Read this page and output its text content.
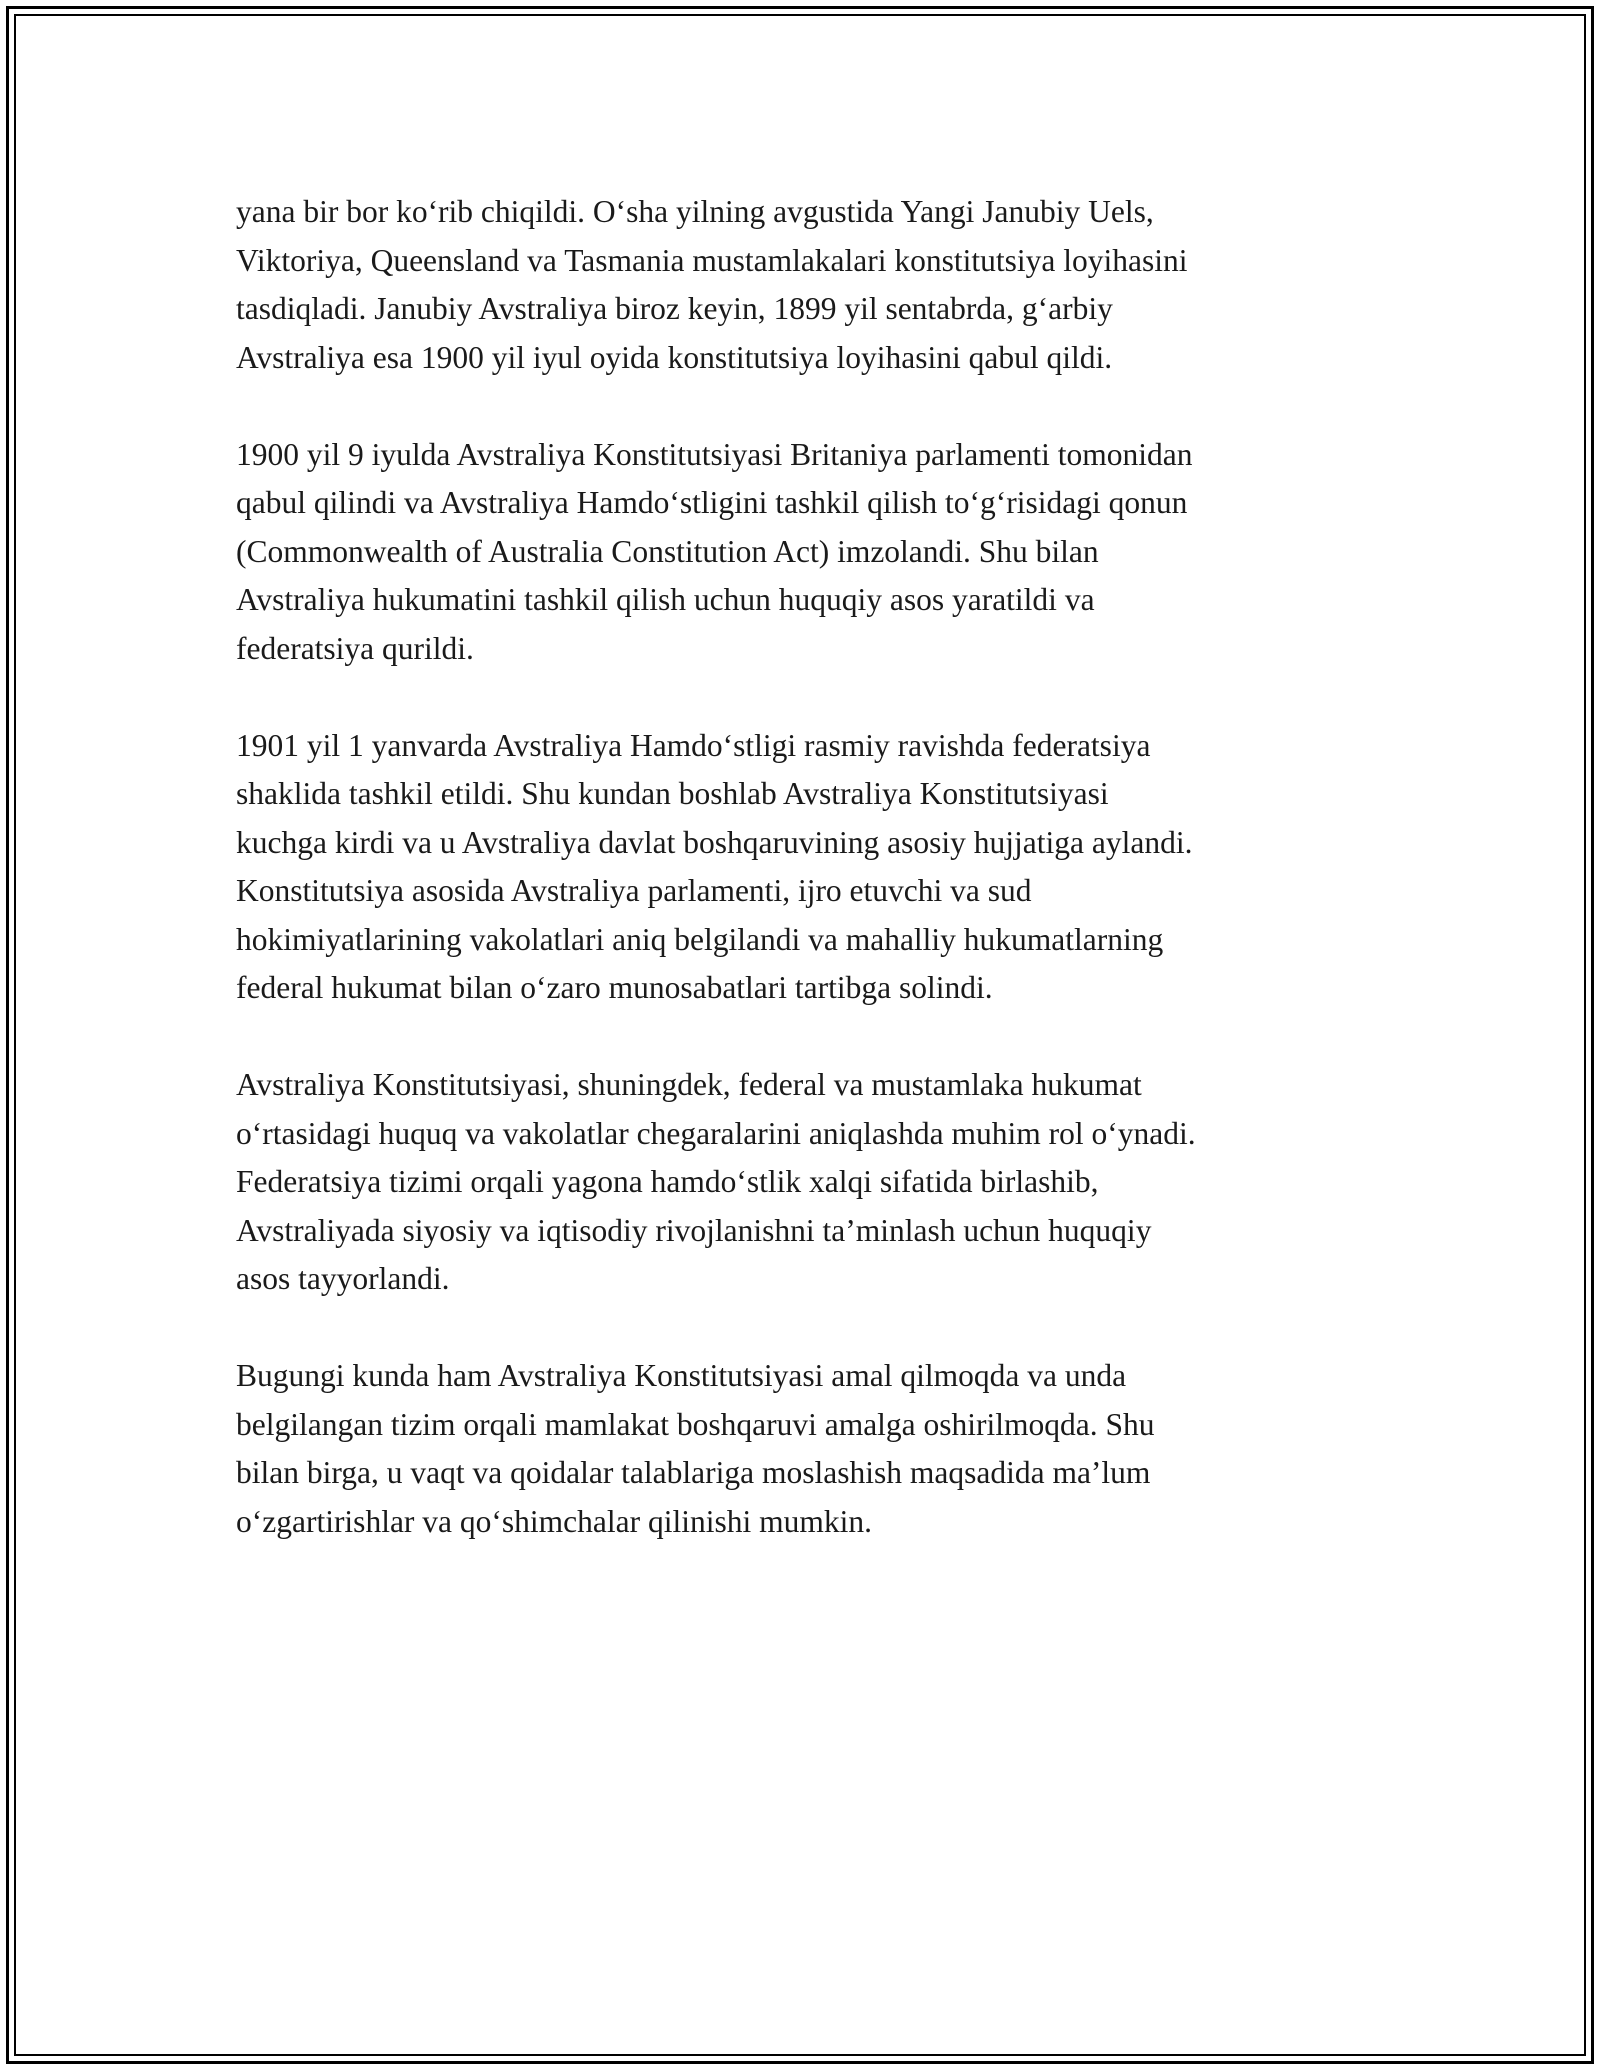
yana bir bor ko‘rib chiqildi. O‘sha yilning avgustida Yangi Janubiy Uels,
Viktoriya, Queensland va Tasmania mustamlakalari konstitutsiya loyihasini
tasdiqladi. Janubiy Avstraliya biroz keyin, 1899 yil sentabrda, g‘arbiy
Avstraliya esa 1900 yil iyul oyida konstitutsiya loyihasini qabul qildi.

1900 yil 9 iyulda Avstraliya Konstitutsiyasi Britaniya parlamenti tomonidan
qabul qilindi va Avstraliya Hamdo‘stligini tashkil qilish to‘g‘risidagi qonun
(Commonwealth of Australia Constitution Act) imzolandi. Shu bilan
Avstraliya hukumatini tashkil qilish uchun huquqiy asos yaratildi va
federatsiya qurildi.

1901 yil 1 yanvarda Avstraliya Hamdo‘stligi rasmiy ravishda federatsiya
shaklida tashkil etildi. Shu kundan boshlab Avstraliya Konstitutsiyasi
kuchga kirdi va u Avstraliya davlat boshqaruvining asosiy hujjatiga aylandi.
Konstitutsiya asosida Avstraliya parlamenti, ijro etuvchi va sud
hokimiyatlarining vakolatlari aniq belgilandi va mahalliy hukumatlarning
federal hukumat bilan o‘zaro munosabatlari tartibga solindi.

Avstraliya Konstitutsiyasi, shuningdek, federal va mustamlaka hukumat
o‘rtasidagi huquq va vakolatlar chegaralarini aniqlashda muhim rol o‘ynadi.
Federatsiya tizimi orqali yagona hamdo‘stlik xalqi sifatida birlashib,
Avstraliyada siyosiy va iqtisodiy rivojlanishni ta’minlash uchun huquqiy
asos tayyorlandi.

Bugungi kunda ham Avstraliya Konstitutsiyasi amal qilmoqda va unda
belgilangan tizim orqali mamlakat boshqaruvi amalga oshirilmoqda. Shu
bilan birga, u vaqt va qoidalar talablariga moslashish maqsadida ma’lum
o‘zgartirishlar va qo‘shimchalar qilinishi mumkin.
